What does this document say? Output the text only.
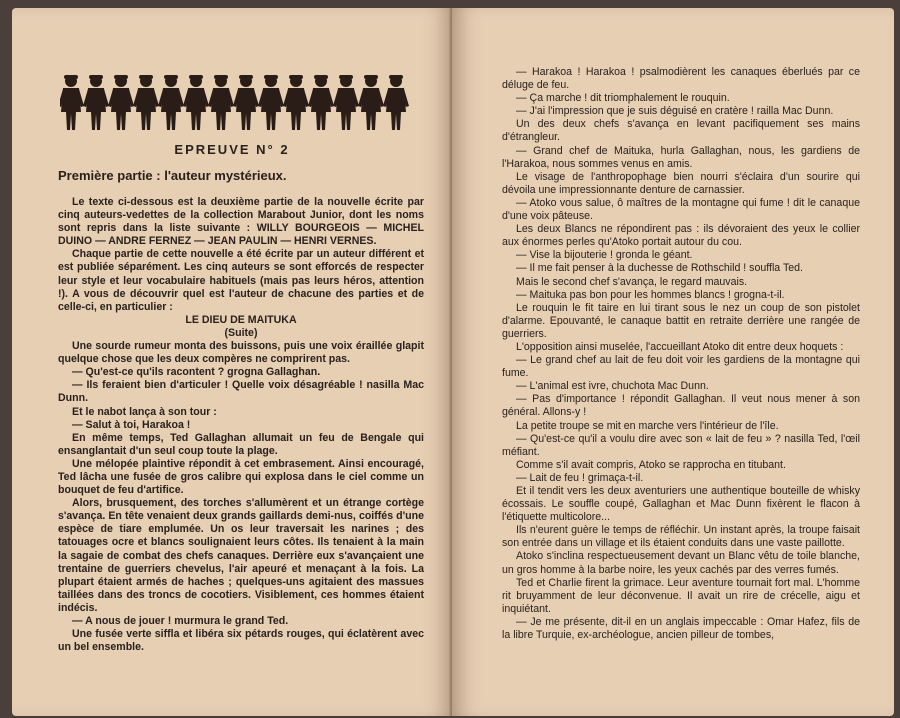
EPREUVE N° 2
Première partie : l'auteur mystérieux.

Le texte ci-dessous est la deuxième partie de la nouvelle écrite par cinq auteurs-vedettes de la collection Marabout Junior, dont les noms sont repris dans la liste suivante : WILLY BOURGEOIS — MICHEL DUINO — ANDRE FERNEZ — JEAN PAULIN — HENRI VERNES.

Chaque partie de cette nouvelle a été écrite par un auteur différent et est publiée séparément. Les cinq auteurs se sont efforcés de respecter leur style et leur vocabulaire habituels (mais pas leurs héros, attention !). A vous de découvrir quel est l'auteur de chacune des parties et de celle-ci, en particulier :

LE DIEU DE MAITUKA

(Suite)

Une sourde rumeur monta des buissons, puis une voix éraillée glapit quelque chose que les deux compères ne comprirent pas.

— Qu'est-ce qu'ils racontent ? grogna Gallaghan.

— Ils feraient bien d'articuler ! Quelle voix désagréable ! nasilla Mac Dunn.

Et le nabot lança à son tour :

— Salut à toi, Harakoa !

En même temps, Ted Gallaghan allumait un feu de Bengale qui ensanglantait d'un seul coup toute la plage.

Une mélopée plaintive répondit à cet embrasement. Ainsi encouragé, Ted lâcha une fusée de gros calibre qui explosa dans le ciel comme un bouquet de feu d'artifice.

Alors, brusquement, des torches s'allumèrent et un étrange cortège s'avança. En tête venaient deux grands gaillards demi-nus, coiffés d'une espèce de tiare emplumée. Un os leur traversait les narines ; des tatouages ocre et blancs soulignaient leurs côtes. Ils tenaient à la main la sagaie de combat des chefs canaques. Derrière eux s'avançaient une trentaine de guerriers chevelus, l'air apeuré et menaçant à la fois. La plupart étaient armés de haches ; quelques-uns agitaient des massues taillées dans des troncs de cocotiers. Visiblement, ces hommes étaient indécis.

— A nous de jouer ! murmura le grand Ted.

Une fusée verte siffla et libéra six pétards rouges, qui éclatèrent avec un bel ensemble.

— Harakoa ! Harakoa ! psalmodièrent les canaques éberlués par ce déluge de feu.

— Ça marche ! dit triomphalement le rouquin.

— J'ai l'impression que je suis déguisé en cratère ! railla Mac Dunn.

Un des deux chefs s'avança en levant pacifiquement ses mains d'étrangleur.

— Grand chef de Maituka, hurla Gallaghan, nous, les gardiens de l'Harakoa, nous sommes venus en amis.

Le visage de l'anthropophage bien nourri s'éclaira d'un sourire qui dévoila une impressionnante denture de carnassier.

— Atoko vous salue, ô maîtres de la montagne qui fume ! dit le canaque d'une voix pâteuse.

Les deux Blancs ne répondirent pas : ils dévoraient des yeux le collier aux énormes perles qu'Atoko portait autour du cou.

— Vise la bijouterie ! gronda le géant.

— Il me fait penser à la duchesse de Rothschild ! souffla Ted.

Mais le second chef s'avança, le regard mauvais.

— Maituka pas bon pour les hommes blancs ! grogna-t-il.

Le rouquin le fit taire en lui tirant sous le nez un coup de son pistolet d'alarme. Epouvanté, le canaque battit en retraite derrière une rangée de guerriers.

L'opposition ainsi muselée, l'accueillant Atoko dit entre deux hoquets :

— Le grand chef au lait de feu doit voir les gardiens de la montagne qui fume.

— L'animal est ivre, chuchota Mac Dunn.

— Pas d'importance ! répondit Gallaghan. Il veut nous mener à son général. Allons-y !

La petite troupe se mit en marche vers l'intérieur de l'île.

— Qu'est-ce qu'il a voulu dire avec son « lait de feu » ? nasilla Ted, l'œil méfiant.

Comme s'il avait compris, Atoko se rapprocha en titubant.

— Lait de feu ! grimaça-t-il.

Et il tendit vers les deux aventuriers une authentique bouteille de whisky écossais. Le souffle coupé, Gallaghan et Mac Dunn fixèrent le flacon à l'étiquette multicolore...

Ils n'eurent guère le temps de réfléchir. Un instant après, la troupe faisait son entrée dans un village et ils étaient conduits dans une vaste paillotte.

Atoko s'inclina respectueusement devant un Blanc vêtu de toile blanche, un gros homme à la barbe noire, les yeux cachés par des verres fumés.

Ted et Charlie firent la grimace. Leur aventure tournait fort mal. L'homme rit bruyamment de leur déconvenue. Il avait un rire de crécelle, aigu et inquiétant.

— Je me présente, dit-il en un anglais impeccable : Omar Hafez, fils de la libre Turquie, ex-archéologue, ancien pilleur de tombes,
